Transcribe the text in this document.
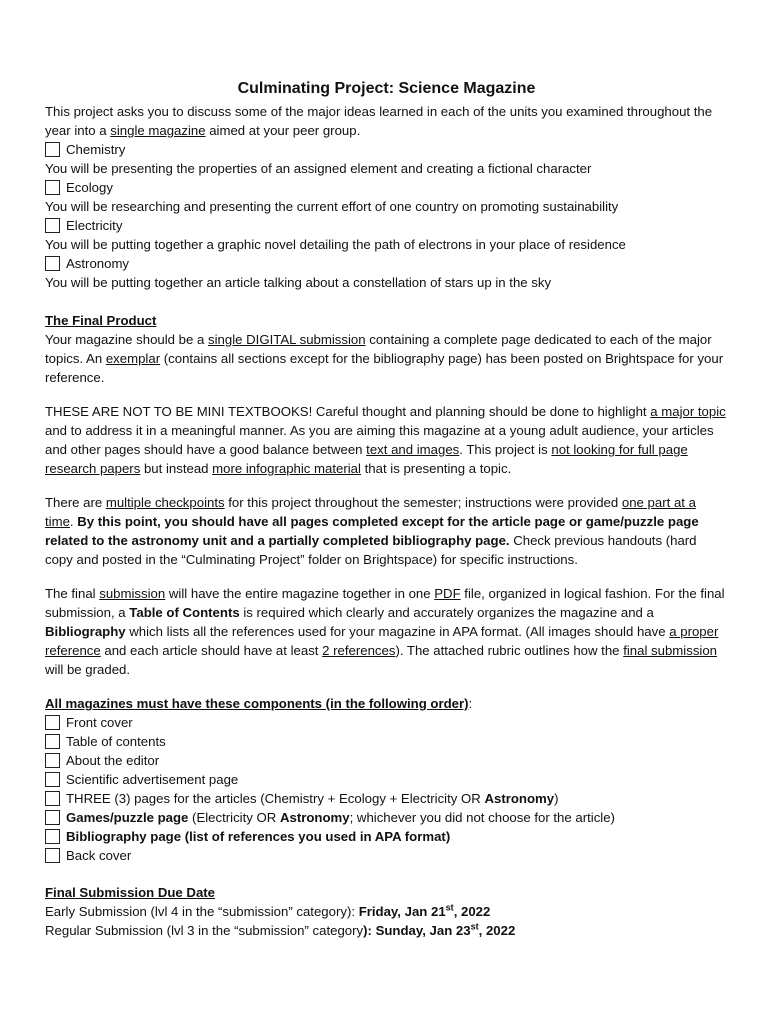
Culminating Project: Science Magazine

This project asks you to discuss some of the major ideas learned in each of the units you examined throughout the year into a single magazine aimed at your peer group.

Chemistry

You will be presenting the properties of an assigned element and creating a fictional character

Ecology

You will be researching and presenting the current effort of one country on promoting sustainability

Electricity

You will be putting together a graphic novel detailing the path of electrons in your place of residence

Astronomy

You will be putting together an article talking about a constellation of stars up in the sky

The Final Product

Your magazine should be a single DIGITAL submission containing a complete page dedicated to each of the major topics. An exemplar (contains all sections except for the bibliography page) has been posted on Brightspace for your reference.

THESE ARE NOT TO BE MINI TEXTBOOKS! Careful thought and planning should be done to highlight a major topic and to address it in a meaningful manner. As you are aiming this magazine at a young adult audience, your articles and other pages should have a good balance between text and images. This project is not looking for full page research papers but instead more infographic material that is presenting a topic.

There are multiple checkpoints for this project throughout the semester; instructions were provided one part at a time. By this point, you should have all pages completed except for the article page or game/puzzle page related to the astronomy unit and a partially completed bibliography page. Check previous handouts (hard copy and posted in the “Culminating Project” folder on Brightspace) for specific instructions.

The final submission will have the entire magazine together in one PDF file, organized in logical fashion. For the final submission, a Table of Contents is required which clearly and accurately organizes the magazine and a Bibliography which lists all the references used for your magazine in APA format. (All images should have a proper reference and each article should have at least 2 references). The attached rubric outlines how the final submission will be graded.

All magazines must have these components (in the following order):

Front cover
Table of contents
About the editor
Scientific advertisement page
THREE (3) pages for the articles (Chemistry + Ecology + Electricity OR Astronomy)
Games/puzzle page (Electricity OR Astronomy; whichever you did not choose for the article)
Bibliography page (list of references you used in APA format)
Back cover

Final Submission Due Date

Early Submission (lvl 4 in the “submission” category): Friday, Jan 21st, 2022

Regular Submission (lvl 3 in the “submission” category): Sunday, Jan 23st, 2022
